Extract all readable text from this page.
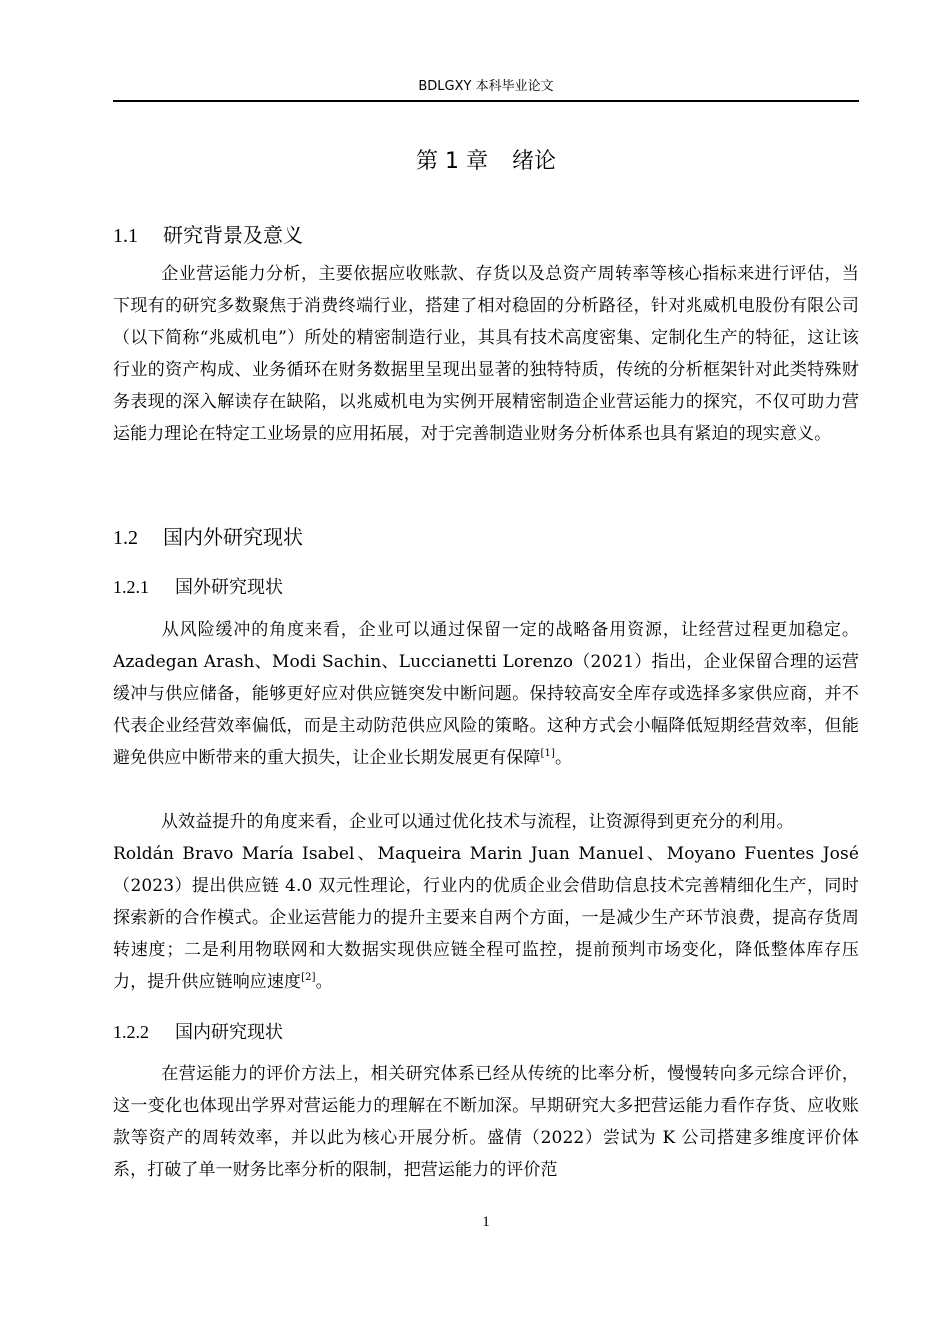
BDLGXY 本科毕业论文
第 1 章 绪论
1.1 研究背景及意义

企业营运能力分析，主要依据应收账款、存货以及总资产周转率等核心指标来进行评估，当下现有的研究多数聚焦于消费终端行业，搭建了相对稳固的分析路径，针对兆威机电股份有限公司（以下简称“兆威机电”）所处的精密制造行业，其具有技术高度密集、定制化生产的特征，这让该行业的资产构成、业务循环在财务数据里呈现出显著的独特特质，传统的分析框架针对此类特殊财务表现的深入解读存在缺陷，以兆威机电为实例开展精密制造企业营运能力的探究，不仅可助力营运能力理论在特定工业场景的应用拓展，对于完善制造业财务分析体系也具有紧迫的现实意义。

1.2 国内外研究现状
1.2.1 国外研究现状

从风险缓冲的角度来看，企业可以通过保留一定的战略备用资源，让经营过程更加稳定。Azadegan Arash、Modi Sachin、Luccianetti Lorenzo（2021）指出，企业保留合理的运营缓冲与供应储备，能够更好应对供应链突发中断问题。保持较高安全库存或选择多家供应商，并不代表企业经营效率偏低，而是主动防范供应风险的策略。这种方式会小幅降低短期经营效率，但能避免供应中断带来的重大损失，让企业长期发展更有保障[1]。

从效益提升的角度来看，企业可以通过优化技术与流程，让资源得到更充分的利用。
Roldán Bravo María Isabel、Maqueira Marin Juan Manuel、Moyano Fuentes José
（2023）提出供应链 4.0 双元性理论，行业内的优质企业会借助信息技术完善精细化生产，同时探索新的合作模式。企业运营能力的提升主要来自两个方面，一是减少生产环节浪费，提高存货周转速度；二是利用物联网和大数据实现供应链全程可监控，提前预判市场变化，降低整体库存压力，提升供应链响应速度[2]。

1.2.2 国内研究现状

在营运能力的评价方法上，相关研究体系已经从传统的比率分析，慢慢转向多元综合评价，这一变化也体现出学界对营运能力的理解在不断加深。早期研究大多把营运能力看作存货、应收账款等资产的周转效率，并以此为核心开展分析。盛倩（2022）尝试为 K 公司搭建多维度评价体系，打破了单一财务比率分析的限制，把营运能力的评价范

1
